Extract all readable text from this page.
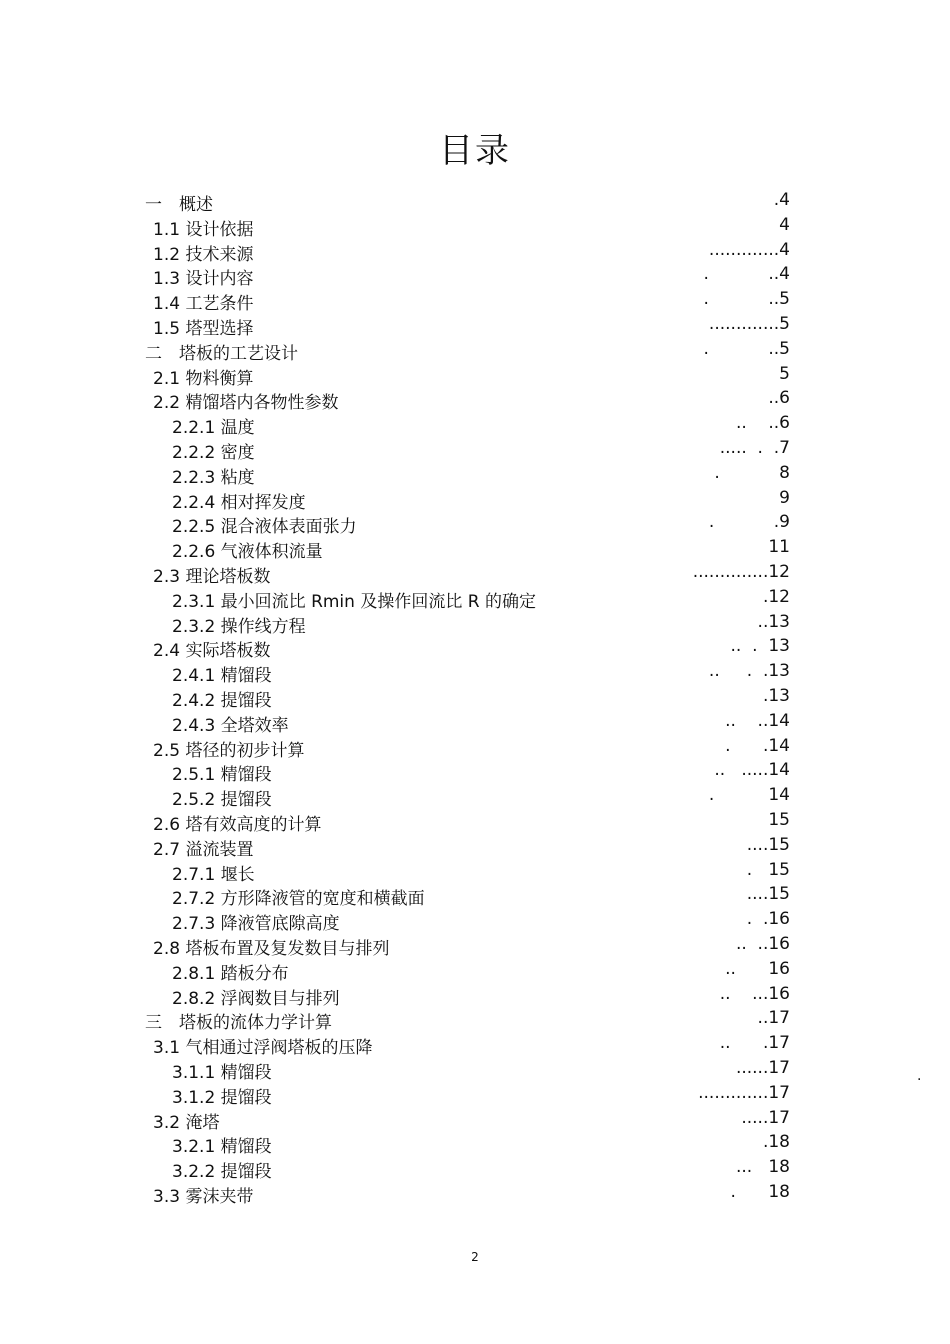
目录
一　概述	.4
1.1 设计依据	4
1.2 技术来源	.............4
1.3 设计内容	.           ..4
1.4 工艺条件	.           ..5
1.5 塔型选择	.............5
二　塔板的工艺设计	.           ..5
2.1 物料衡算	5
2.2 精馏塔内各物性参数	..6
2.2.1 温度	..    ..6
2.2.2 密度	.....  .  .7
2.2.3 粘度	.           8
2.2.4 相对挥发度	9
2.2.5 混合液体表面张力	.           .9
2.2.6 气液体积流量	11
2.3 理论塔板数	..............12
2.3.1 最小回流比 Rmin 及操作回流比 R 的确定	.12
2.3.2 操作线方程	..13
2.4 实际塔板数	..  .  13
2.4.1 精馏段	..     .  .13
2.4.2 提馏段	.13
2.4.3 全塔效率	..    ..14
2.5 塔径的初步计算	.      .14
2.5.1 精馏段	..   .....14
2.5.2 提馏段	.          14
2.6 塔有效高度的计算	15
2.7 溢流装置	....15
2.7.1 堰长	.   15
2.7.2 方形降液管的宽度和横截面	....15
2.7.3 降液管底隙高度	.  .16
2.8 塔板布置及复发数目与排列	..  ..16
2.8.1 踏板分布	..      16
2.8.2 浮阀数目与排列	..    ...16
三　塔板的流体力学计算	..17
3.1 气相通过浮阀塔板的压降	..      .17
3.1.1 精馏段	......17
3.1.2 提馏段	.............17
3.2 淹塔	.....17
3.2.1 精馏段	.18
3.2.2 提馏段	...   18
3.3 雾沫夹带	.      18
.
2
